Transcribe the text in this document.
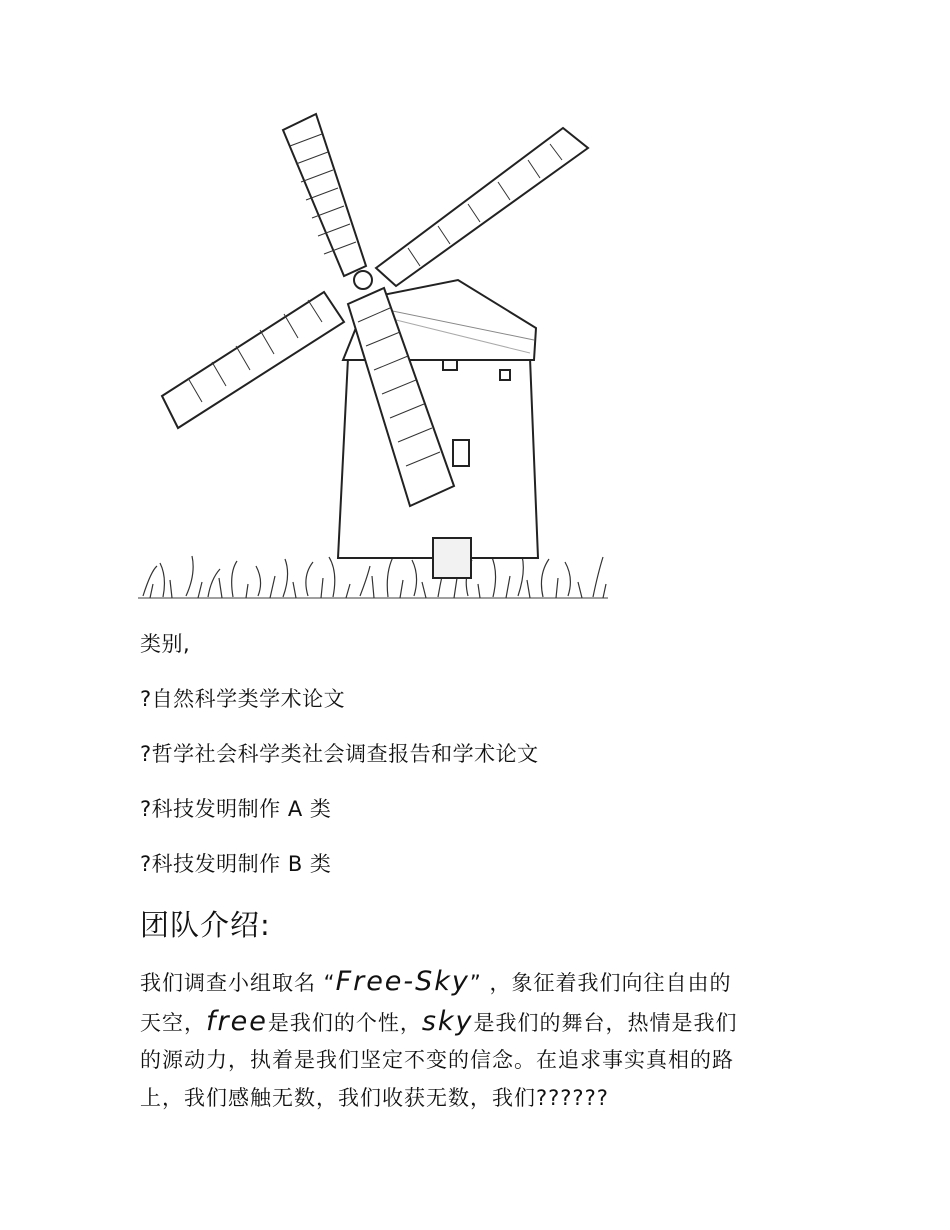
类别,
?自然科学类学术论文
?哲学社会科学类社会调查报告和学术论文
?科技发明制作 A 类
?科技发明制作 B 类
团队介绍:
我们调查小组取名 “Free-Sky” ，象征着我们向往自由的
天空，free是我们的个性，sky是我们的舞台，热情是我们
的源动力，执着是我们坚定不变的信念。在追求事实真相的路
上，我们感触无数，我们收获无数，我们??????
